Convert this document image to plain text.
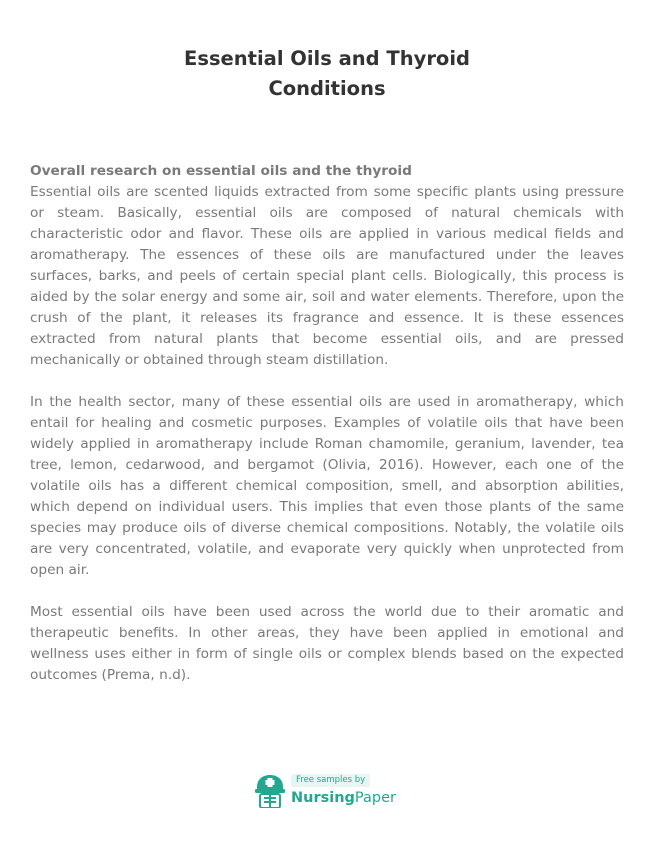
Essential Oils and Thyroid
Conditions

Overall research on essential oils and the thyroid

Essential oils are scented liquids extracted from some specific plants using pressure or steam. Basically, essential oils are composed of natural chemicals with characteristic odor and flavor. These oils are applied in various medical fields and aromatherapy. The essences of these oils are manufactured under the leaves surfaces, barks, and peels of certain special plant cells. Biologically, this process is aided by the solar energy and some air, soil and water elements. Therefore, upon the crush of the plant, it releases its fragrance and essence. It is these essences extracted from natural plants that become essential oils, and are pressed mechanically or obtained through steam distillation.

In the health sector, many of these essential oils are used in aromatherapy, which entail for healing and cosmetic purposes. Examples of volatile oils that have been widely applied in aromatherapy include Roman chamomile, geranium, lavender, tea tree, lemon, cedarwood, and bergamot (Olivia, 2016). However, each one of the volatile oils has a different chemical composition, smell, and absorption abilities, which depend on individual users. This implies that even those plants of the same species may produce oils of diverse chemical compositions. Notably, the volatile oils are very concentrated, volatile, and evaporate very quickly when unprotected from open air.

Most essential oils have been used across the world due to their aromatic and therapeutic benefits. In other areas, they have been applied in emotional and wellness uses either in form of single oils or complex blends based on the expected outcomes (Prema, n.d).

Free samples by
NursingPaper
